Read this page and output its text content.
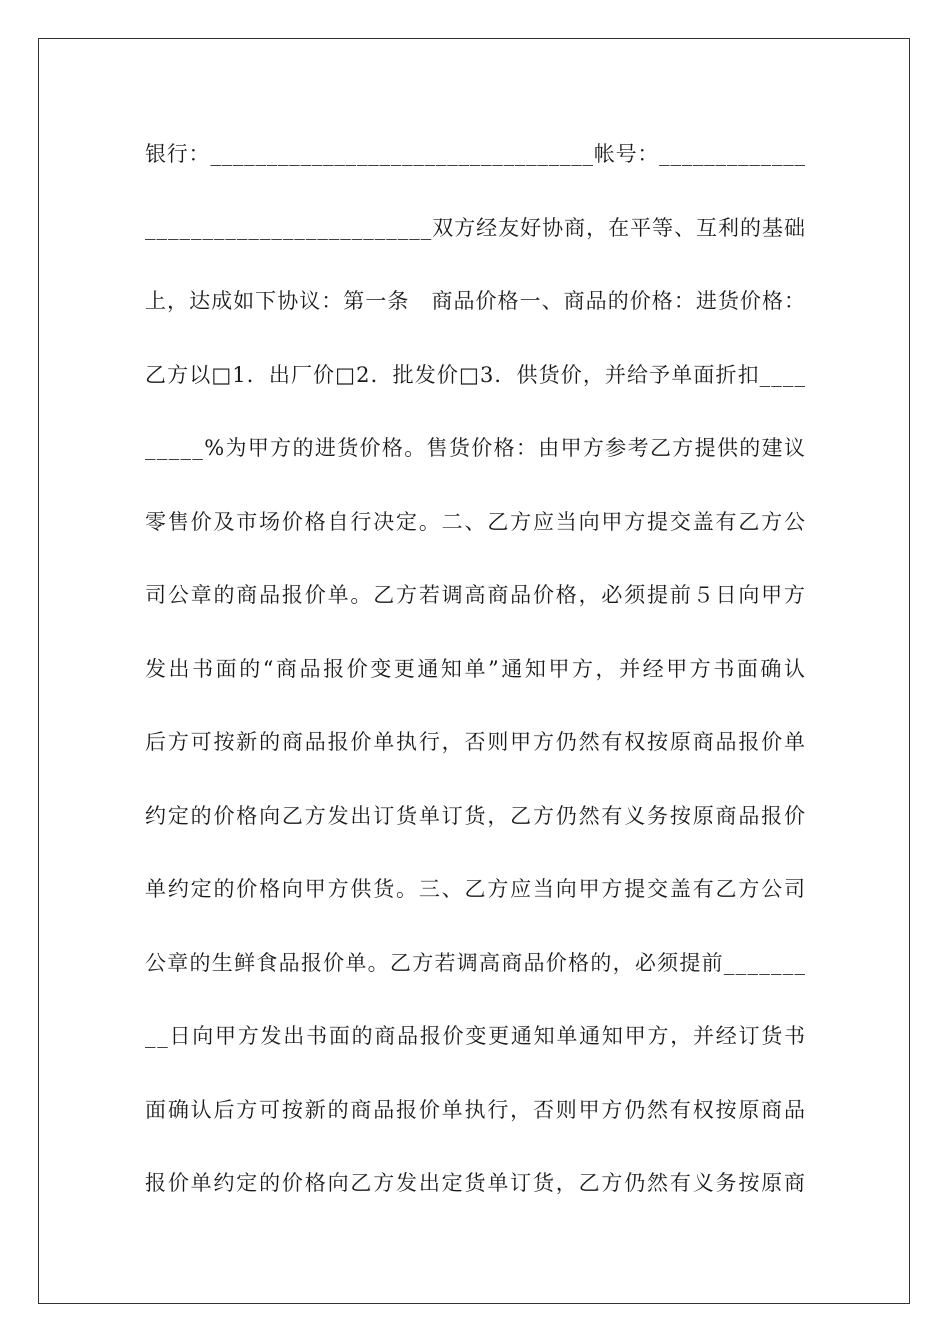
银行：__________________________________帐号：_____________
_________________________双方经友好协商，在平等、互利的基础
上，达成如下协议：第一条　商品价格一、商品的价格：进货价格：
乙方以□1．出厂价□2．批发价□3．供货价，并给予单面折扣____
_____%为甲方的进货价格。售货价格：由甲方参考乙方提供的建议
零售价及市场价格自行决定。二、乙方应当向甲方提交盖有乙方公
司公章的商品报价单。乙方若调高商品价格，必须提前５日向甲方
发出书面的“商品报价变更通知单”通知甲方，并经甲方书面确认
后方可按新的商品报价单执行，否则甲方仍然有权按原商品报价单
约定的价格向乙方发出订货单订货，乙方仍然有义务按原商品报价
单约定的价格向甲方供货。三、乙方应当向甲方提交盖有乙方公司
公章的生鲜食品报价单。乙方若调高商品价格的，必须提前_______
__日向甲方发出书面的商品报价变更通知单通知甲方，并经订货书
面确认后方可按新的商品报价单执行，否则甲方仍然有权按原商品
报价单约定的价格向乙方发出定货单订货，乙方仍然有义务按原商
